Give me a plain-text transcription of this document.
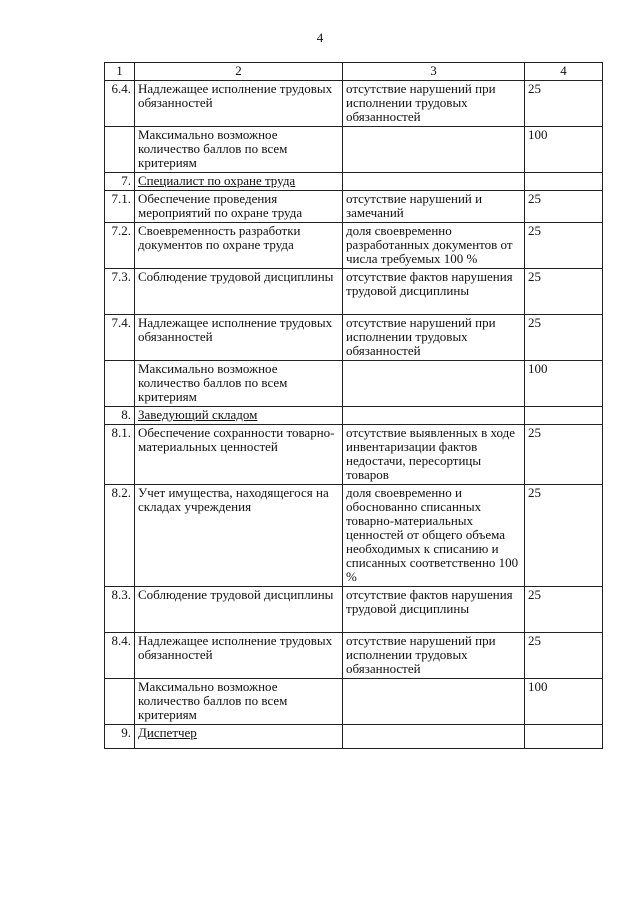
4
1	2	3	4
6.4.	Надлежащее исполнение трудовых обязанностей	отсутствие нарушений при исполнении трудовых обязанностей	25
	Максимально возможное количество баллов по всем критериям		100
7.	Специалист по охране труда		
7.1.	Обеспечение проведения мероприятий по охране труда	отсутствие нарушений и замечаний	25
7.2.	Своевременность разработки документов по охране труда	доля своевременно разработанных документов от числа требуемых 100 %	25
7.3.	Соблюдение трудовой дисциплины	отсутствие фактов нарушения трудовой дисциплины	25
7.4.	Надлежащее исполнение трудовых обязанностей	отсутствие нарушений при исполнении трудовых обязанностей	25
	Максимально возможное количество баллов по всем критериям		100
8.	Заведующий складом		
8.1.	Обеспечение сохранности товарно-материальных ценностей	отсутствие выявленных в ходе инвентаризации фактов недостачи, пересортицы товаров	25
8.2.	Учет имущества, находящегося на складах учреждения	доля своевременно и обоснованно списанных товарно-материальных ценностей от общего объема необходимых к списанию и списанных соответственно 100 %	25
8.3.	Соблюдение трудовой дисциплины	отсутствие фактов нарушения трудовой дисциплины	25
8.4.	Надлежащее исполнение трудовых обязанностей	отсутствие нарушений при исполнении трудовых обязанностей	25
	Максимально возможное количество баллов по всем критериям		100
9.	Диспетчер		
